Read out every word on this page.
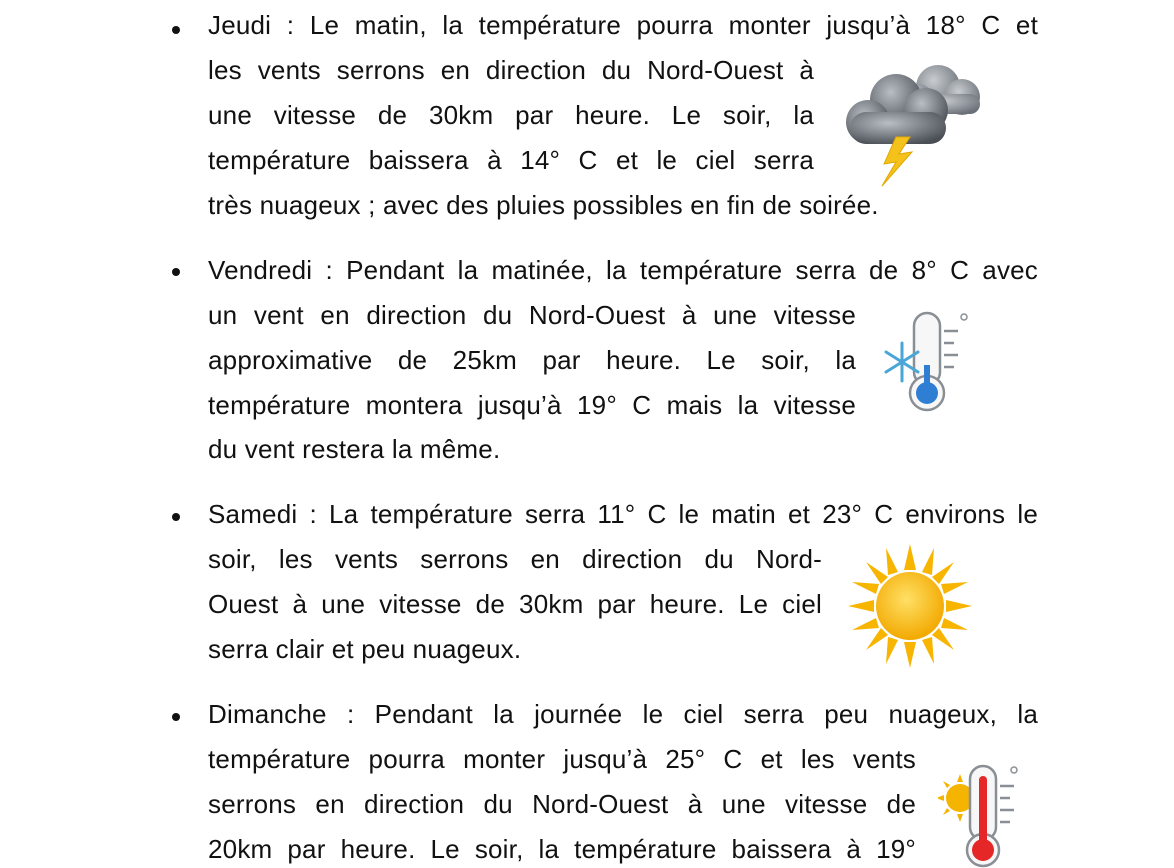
Jeudi : Le matin, la température pourra monter jusqu’à 18° C et
les vents serrons en direction du Nord-Ouest à
une vitesse de 30km par heure. Le soir, la
température baissera à 14° C et le ciel serra
très nuageux ; avec des pluies possibles en fin de soirée.
Vendredi : Pendant la matinée, la température serra de 8° C avec
un vent en direction du Nord-Ouest à une vitesse
approximative de 25km par heure. Le soir, la
température montera jusqu’à 19° C mais la vitesse
du vent restera la même.
Samedi : La température serra 11° C le matin et 23° C environs le
soir, les vents serrons en direction du Nord-
Ouest à une vitesse de 30km par heure. Le ciel
serra clair et peu nuageux.
Dimanche : Pendant la journée le ciel serra peu nuageux, la
température pourra monter jusqu’à 25° C et les vents
serrons en direction du Nord-Ouest à une vitesse de
20km par heure. Le soir, la température baissera à 19°
